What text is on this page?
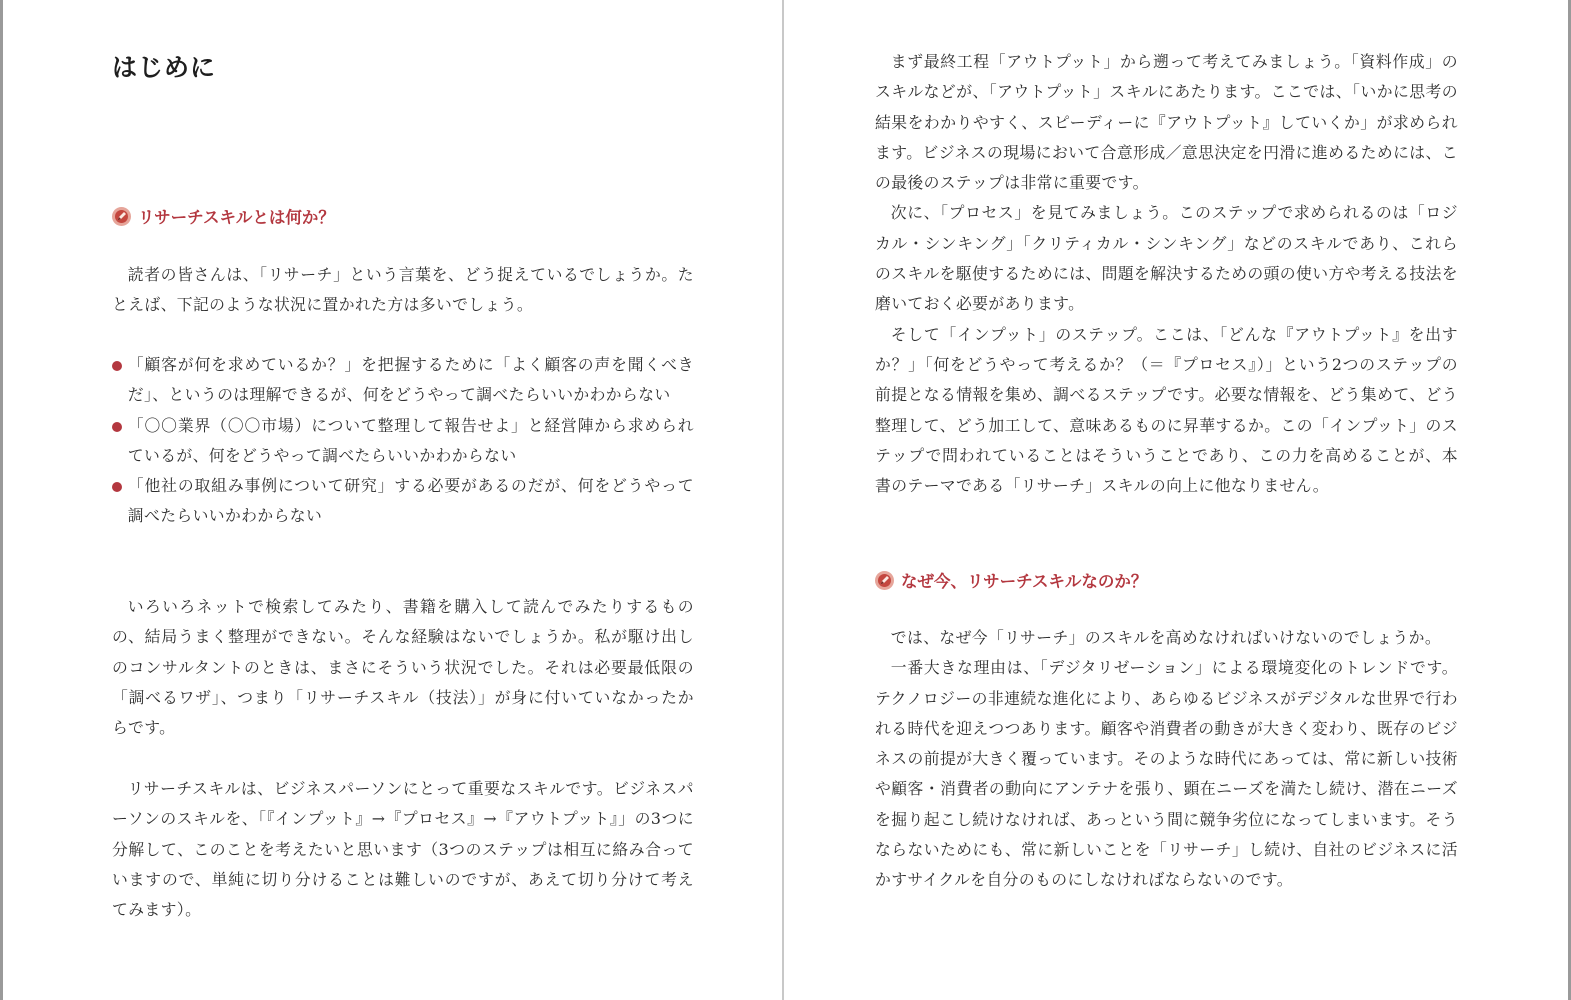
はじめに
リサーチスキルとは何か？

読者の皆さんは、「リサーチ」という言葉を、どう捉えているでしょうか。たとえば、下記のような状況に置かれた方は多いでしょう。

「顧客が何を求めているか？」を把握するために「よく顧客の声を聞くべきだ」、というのは理解できるが、何をどうやって調べたらいいかわからない
「〇〇業界（〇〇市場）について整理して報告せよ」と経営陣から求められているが、何をどうやって調べたらいいかわからない
「他社の取組み事例について研究」する必要があるのだが、何をどうやって調べたらいいかわからない

いろいろネットで検索してみたり、書籍を購入して読んでみたりするものの、結局うまく整理ができない。そんな経験はないでしょうか。私が駆け出しのコンサルタントのときは、まさにそういう状況でした。それは必要最低限の「調べるワザ」、つまり「リサーチスキル（技法）」が身に付いていなかったからです。

リサーチスキルは、ビジネスパーソンにとって重要なスキルです。ビジネスパーソンのスキルを、「『インプット』→『プロセス』→『アウトプット』」の3つに分解して、このことを考えたいと思います（3つのステップは相互に絡み合っていますので、単純に切り分けることは難しいのですが、あえて切り分けて考えてみます）。

まず最終工程「アウトプット」から遡って考えてみましょう。「資料作成」のスキルなどが、「アウトプット」スキルにあたります。ここでは、「いかに思考の結果をわかりやすく、スピーディーに『アウトプット』していくか」が求められます。ビジネスの現場において合意形成／意思決定を円滑に進めるためには、この最後のステップは非常に重要です。

次に、「プロセス」を見てみましょう。このステップで求められるのは「ロジカル・シンキング」「クリティカル・シンキング」などのスキルであり、これらのスキルを駆使するためには、問題を解決するための頭の使い方や考える技法を磨いておく必要があります。

そして「インプット」のステップ。ここは、「どんな『アウトプット』を出すか？」「何をどうやって考えるか？（＝『プロセス』）」という2つのステップの前提となる情報を集め、調べるステップです。必要な情報を、どう集めて、どう整理して、どう加工して、意味あるものに昇華するか。この「インプット」のステップで問われていることはそういうことであり、この力を高めることが、本書のテーマである「リサーチ」スキルの向上に他なりません。

なぜ今、リサーチスキルなのか？

では、なぜ今「リサーチ」のスキルを高めなければいけないのでしょうか。

一番大きな理由は、「デジタリゼーション」による環境変化のトレンドです。テクノロジーの非連続な進化により、あらゆるビジネスがデジタルな世界で行われる時代を迎えつつあります。顧客や消費者の動きが大きく変わり、既存のビジネスの前提が大きく覆っています。そのような時代にあっては、常に新しい技術や顧客・消費者の動向にアンテナを張り、顕在ニーズを満たし続け、潜在ニーズを掘り起こし続けなければ、あっという間に競争劣位になってしまいます。そうならないためにも、常に新しいことを「リサーチ」し続け、自社のビジネスに活かすサイクルを自分のものにしなければならないのです。
